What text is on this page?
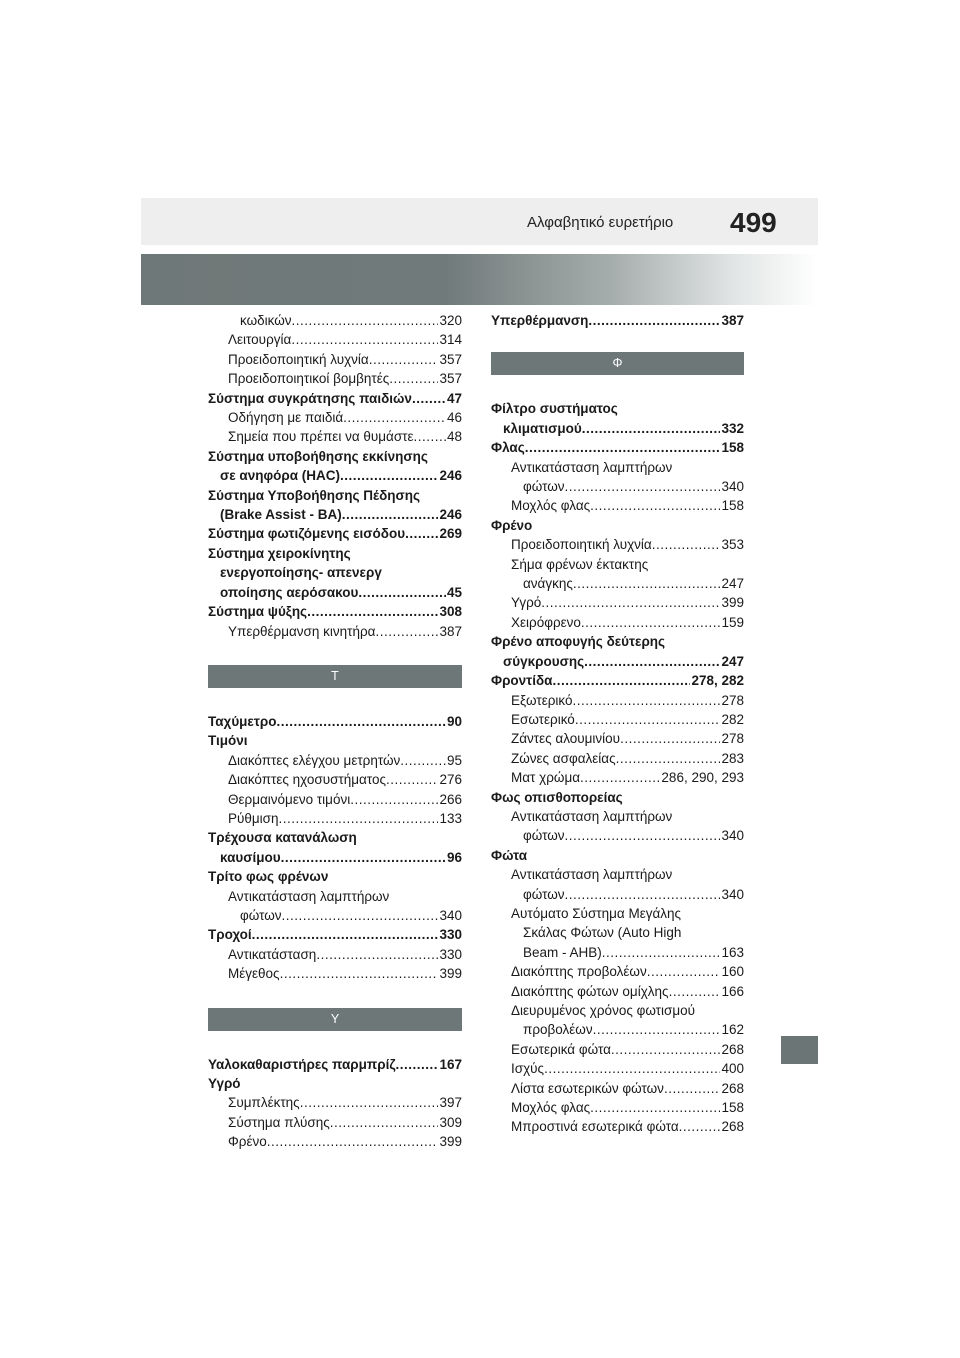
Αλφαβητικό ευρετήριο 499
κωδικών .....	320
Λειτουργία .....	314
Προειδοποιητική λυχνία .....	357
Προειδοποιητικοί βομβητές .....	357
Σύστημα συγκράτησης παιδιών .....	47
Οδήγηση με παιδιά .....	46
Σημεία που πρέπει να θυμάστε ..... 48
Σύστημα υποβοήθησης εκκίνησης
σε ανηφόρα (HAC) .....	246
Σύστημα Υποβοήθησης Πέδησης
(Brake Assist - BA) .....	246
Σύστημα φωτιζόμενης εισόδου .....	269
Σύστημα χειροκίνητης
ενεργοποίησης- απενεργ
οποίησης αερόσακου .....	45
Σύστημα ψύξης .....	308
Υπερθέρμανση κινητήρα .....	387
Τ
Ταχύμετρο .....	90
Τιμόνι
Διακόπτες ελέγχου μετρητών .....	95
Διακόπτες ηχοσυστήματος .....	276
Θερμαινόμενο τιμόνι .....	266
Ρύθμιση .....	133
Τρέχουσα κατανάλωση
καυσίμου .....	96
Τρίτο φως φρένων
Αντικατάσταση λαμπτήρων
φώτων .....	340
Τροχοί .....	330
Αντικατάσταση .....	330
Μέγεθος .....	399
Υ
Υαλοκαθαριστήρες παρμπρίζ .....	167
Υγρό
Συμπλέκτης .....	397
Σύστημα πλύσης .....	309
Φρένο .....	399
Υπερθέρμανση .....	387
Φ
Φίλτρο συστήματος
κλιματισμού .....	332
Φλας .....	158
Αντικατάσταση λαμπτήρων
φώτων .....	340
Μοχλός φλας .....	158
Φρένο
Προειδοποιητική λυχνία .....	353
Σήμα φρένων έκτακτης
ανάγκης .....	247
Υγρό .....	399
Χειρόφρενο .....	159
Φρένο αποφυγής δεύτερης
σύγκρουσης .....	247
Φροντίδα .....	278, 282
Εξωτερικό .....	278
Εσωτερικό .....	282
Ζάντες αλουμινίου .....	278
Ζώνες ασφαλείας .....	283
Ματ χρώμα .....	286, 290, 293
Φως οπισθοπορείας
Αντικατάσταση λαμπτήρων
φώτων .....	340
Φώτα
Αντικατάσταση λαμπτήρων
φώτων .....	340
Αυτόματο Σύστημα Μεγάλης
Σκάλας Φώτων (Auto High
Beam - AHB) .....	163
Διακόπτης προβολέων .....	160
Διακόπτης φώτων ομίχλης .....	166
Διευρυμένος χρόνος φωτισμού
προβολέων .....	162
Εσωτερικά φώτα .....	268
Ισχύς .....	400
Λίστα εσωτερικών φώτων .....	268
Μοχλός φλας .....	158
Μπροστινά εσωτερικά φώτα .....	268
